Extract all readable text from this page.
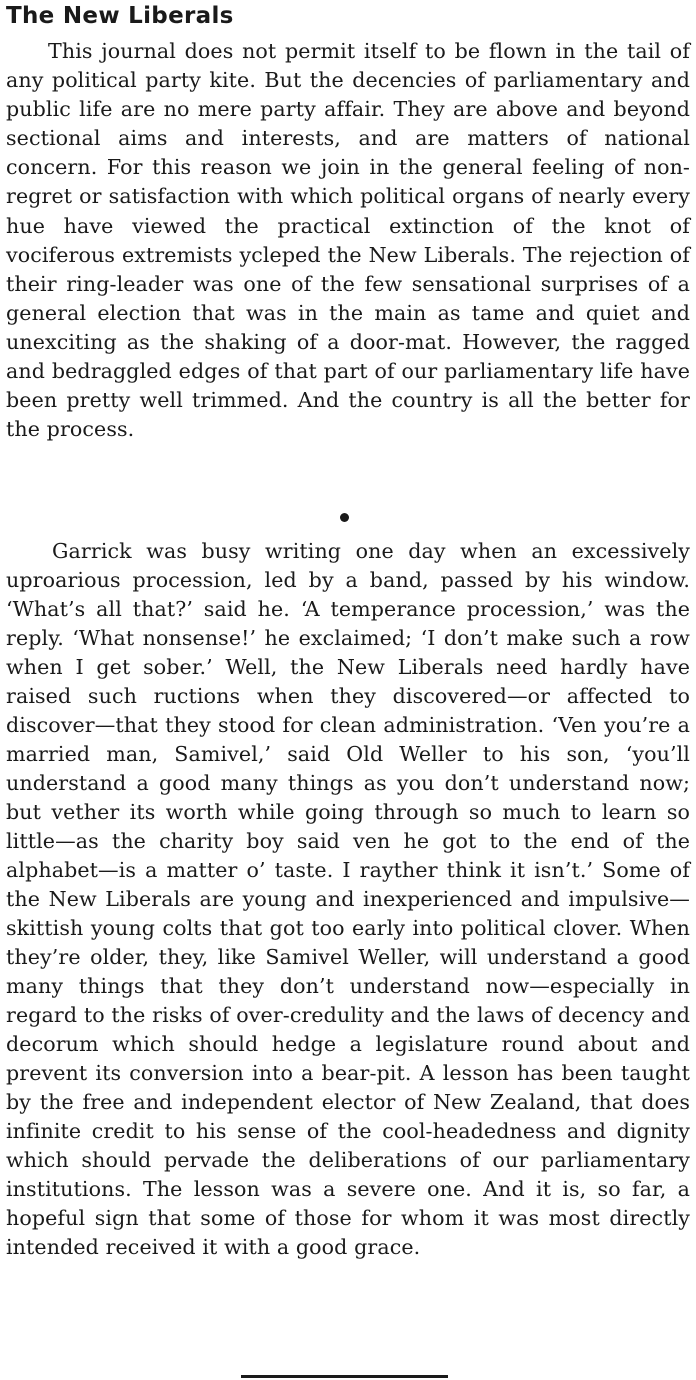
The New Liberals

This journal does not permit itself to be flown in the tail of any political party kite. But the decencies of parliamentary and public life are no mere party affair. They are above and beyond sectional aims and interests, and are matters of national concern. For this reason we join in the general feeling of non-regret or satisfaction with which political organs of nearly every hue have viewed the practical extinction of the knot of vociferous extremists ycleped the New Liberals. The rejection of their ring-leader was one of the few sensational surprises of a general election that was in the main as tame and quiet and unexciting as the shaking of a door-mat. However, the ragged and bedraggled edges of that part of our parliamentary life have been pretty well trimmed. And the country is all the better for the process.

Garrick was busy writing one day when an excessively uproarious procession, led by a band, passed by his window. ‘What’s all that?’ said he. ‘A temperance procession,’ was the reply. ‘What nonsense!’ he exclaimed; ‘I don’t make such a row when I get sober.’ Well, the New Liberals need hardly have raised such ructions when they discovered—or affected to discover—that they stood for clean administration. ‘Ven you’re a married man, Samivel,’ said Old Weller to his son, ‘you’ll understand a good many things as you don’t understand now; but vether its worth while going through so much to learn so little—as the charity boy said ven he got to the end of the alphabet—is a matter o’ taste. I rayther think it isn’t.’ Some of the New Liberals are young and inexperienced and impulsive—skittish young colts that got too early into political clover. When they’re older, they, like Samivel Weller, will understand a good many things that they don’t understand now—especially in regard to the risks of over-credulity and the laws of decency and decorum which should hedge a legislature round about and prevent its conversion into a bear-pit. A lesson has been taught by the free and independent elector of New Zealand, that does infinite credit to his sense of the cool-headedness and dignity which should pervade the deliberations of our parliamentary institutions. The lesson was a severe one. And it is, so far, a hopeful sign that some of those for whom it was most directly intended received it with a good grace.
